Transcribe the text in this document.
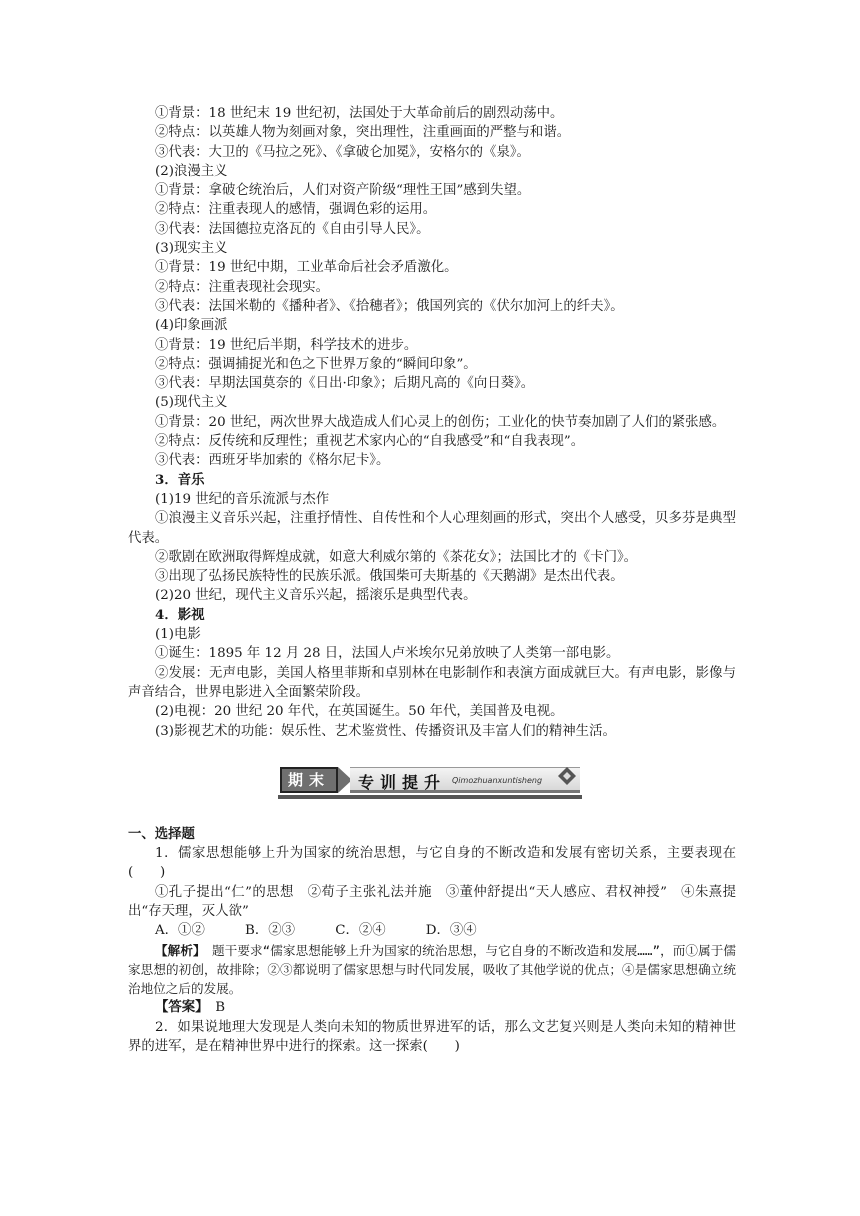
①背景：18 世纪末 19 世纪初，法国处于大革命前后的剧烈动荡中。
②特点：以英雄人物为刻画对象，突出理性，注重画面的严整与和谐。
③代表：大卫的《马拉之死》、《拿破仑加冕》，安格尔的《泉》。
(2)浪漫主义
①背景：拿破仑统治后，人们对资产阶级“理性王国”感到失望。
②特点：注重表现人的感情，强调色彩的运用。
③代表：法国德拉克洛瓦的《自由引导人民》。
(3)现实主义
①背景：19 世纪中期，工业革命后社会矛盾激化。
②特点：注重表现社会现实。
③代表：法国米勒的《播种者》、《拾穗者》；俄国列宾的《伏尔加河上的纤夫》。
(4)印象画派
①背景：19 世纪后半期，科学技术的进步。
②特点：强调捕捉光和色之下世界万象的“瞬间印象”。
③代表：早期法国莫奈的《日出·印象》；后期凡高的《向日葵》。
(5)现代主义
①背景：20 世纪，两次世界大战造成人们心灵上的创伤；工业化的快节奏加剧了人们的紧张感。
②特点：反传统和反理性；重视艺术家内心的“自我感受”和“自我表现”。
③代表：西班牙毕加索的《格尔尼卡》。
3．音乐
(1)19 世纪的音乐流派与杰作
①浪漫主义音乐兴起，注重抒情性、自传性和个人心理刻画的形式，突出个人感受，贝多芬是典型代表。
②歌剧在欧洲取得辉煌成就，如意大利威尔第的《茶花女》；法国比才的《卡门》。
③出现了弘扬民族特性的民族乐派。俄国柴可夫斯基的《天鹅湖》是杰出代表。
(2)20 世纪，现代主义音乐兴起，摇滚乐是典型代表。
4．影视
(1)电影
①诞生：1895 年 12 月 28 日，法国人卢米埃尔兄弟放映了人类第一部电影。
②发展：无声电影，美国人格里菲斯和卓别林在电影制作和表演方面成就巨大。有声电影，影像与声音结合，世界电影进入全面繁荣阶段。
(2)电视：20 世纪 20 年代，在英国诞生。50 年代，美国普及电视。
(3)影视艺术的功能：娱乐性、艺术鉴赏性、传播资讯及丰富人们的精神生活。
期末	专训提升 Qimozhuanxuntisheng
一、选择题
1．儒家思想能够上升为国家的统治思想，与它自身的不断改造和发展有密切关系，主要表现在(　　)
①孔子提出“仁”的思想　②荀子主张礼法并施　③董仲舒提出“天人感应、君权神授”　④朱熹提出“存天理，灭人欲”
A．①②　　　B．②③　　　C．②④　　　D．③④
【解析】　 题干要求“儒家思想能够上升为国家的统治思想，与它自身的不断改造和发展……”，而①属于儒家思想的初创，故排除；②③都说明了儒家思想与时代同发展，吸收了其他学说的优点；④是儒家思想确立统治地位之后的发展。
【答案】　 B
2．如果说地理大发现是人类向未知的物质世界进军的话，那么文艺复兴则是人类向未知的精神世界的进军，是在精神世界中进行的探索。这一探索(　　)
